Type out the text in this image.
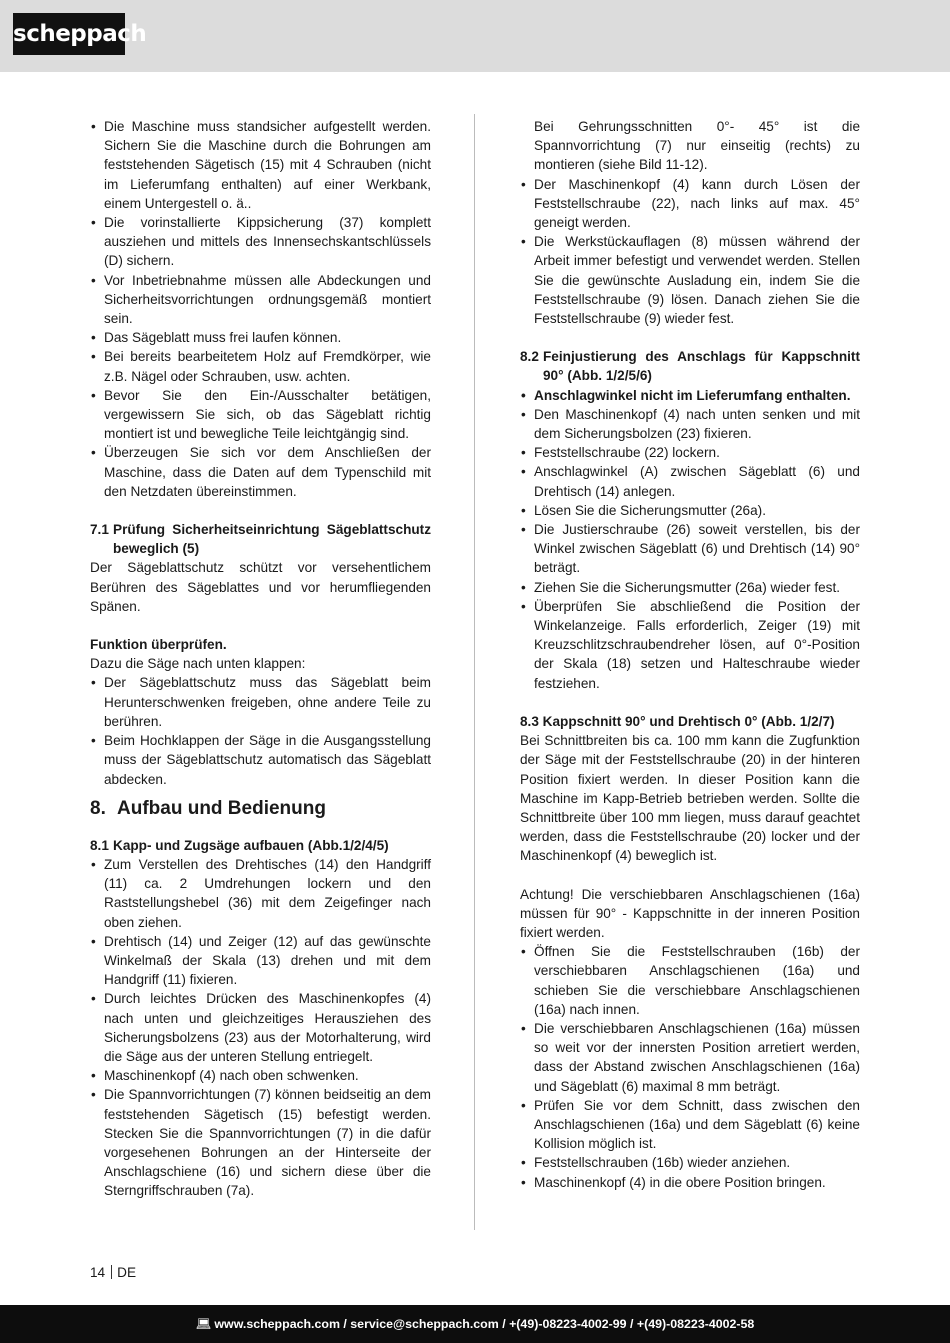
scheppach
• Die Maschine muss standsicher aufgestellt werden. Sichern Sie die Maschine durch die Bohrungen am feststehenden Sägetisch (15) mit 4 Schrauben (nicht im Lieferumfang enthalten) auf einer Werkbank, einem Untergestell o. ä..
• Die vorinstallierte Kippsicherung (37) komplett ausziehen und mittels des Innensechskantschlüssels (D) sichern.
• Vor Inbetriebnahme müssen alle Abdeckungen und Sicherheitsvorrichtungen ordnungsgemäß montiert sein.
• Das Sägeblatt muss frei laufen können.
• Bei bereits bearbeitetem Holz auf Fremdkörper, wie z.B. Nägel oder Schrauben, usw. achten.
• Bevor Sie den Ein-/Ausschalter betätigen, vergewissern Sie sich, ob das Sägeblatt richtig montiert ist und bewegliche Teile leichtgängig sind.
• Überzeugen Sie sich vor dem Anschließen der Maschine, dass die Daten auf dem Typenschild mit den Netzdaten übereinstimmen.
7.1 Prüfung Sicherheitseinrichtung Sägeblattschutz beweglich (5)

Der Sägeblattschutz schützt vor versehentlichem Berühren des Sägeblattes und vor herumfliegenden Spänen.

Funktion überprüfen.

Dazu die Säge nach unten klappen:

• Der Sägeblattschutz muss das Sägeblatt beim Herunterschwenken freigeben, ohne andere Teile zu berühren.
• Beim Hochklappen der Säge in die Ausgangsstellung muss der Sägeblattschutz automatisch das Sägeblatt abdecken.
8. Aufbau und Bedienung
8.1 Kapp- und Zugsäge aufbauen (Abb.1/2/4/5)
• Zum Verstellen des Drehtisches (14) den Handgriff (11) ca. 2 Umdrehungen lockern und den Raststellungshebel (36) mit dem Zeigefinger nach oben ziehen.
• Drehtisch (14) und Zeiger (12) auf das gewünschte Winkelmaß der Skala (13) drehen und mit dem Handgriff (11) fixieren.
• Durch leichtes Drücken des Maschinenkopfes (4) nach unten und gleichzeitiges Herausziehen des Sicherungsbolzens (23) aus der Motorhalterung, wird die Säge aus der unteren Stellung entriegelt.
• Maschinenkopf (4) nach oben schwenken.
• Die Spannvorrichtungen (7) können beidseitig an dem feststehenden Sägetisch (15) befestigt werden. Stecken Sie die Spannvorrichtungen (7) in die dafür vorgesehenen Bohrungen an der Hinterseite der Anschlagschiene (16) und sichern diese über die Sterngriffschrauben (7a).

Bei Gehrungsschnitten 0°- 45° ist die Spannvorrichtung (7) nur einseitig (rechts) zu montieren (siehe Bild 11-12).

• Der Maschinenkopf (4) kann durch Lösen der Feststellschraube (22), nach links auf max. 45° geneigt werden.
• Die Werkstückauflagen (8) müssen während der Arbeit immer befestigt und verwendet werden. Stellen Sie die gewünschte Ausladung ein, indem Sie die Feststellschraube (9) lösen. Danach ziehen Sie die Feststellschraube (9) wieder fest.
8.2 Feinjustierung des Anschlags für Kappschnitt 90° (Abb. 1/2/5/6)
• Anschlagwinkel nicht im Lieferumfang enthalten.
• Den Maschinenkopf (4) nach unten senken und mit dem Sicherungsbolzen (23) fixieren.
• Feststellschraube (22) lockern.
• Anschlagwinkel (A) zwischen Sägeblatt (6) und Drehtisch (14) anlegen.
• Lösen Sie die Sicherungsmutter (26a).
• Die Justierschraube (26) soweit verstellen, bis der Winkel zwischen Sägeblatt (6) und Drehtisch (14) 90° beträgt.
• Ziehen Sie die Sicherungsmutter (26a) wieder fest.
• Überprüfen Sie abschließend die Position der Winkelanzeige. Falls erforderlich, Zeiger (19) mit Kreuzschlitzschraubendreher lösen, auf 0°-Position der Skala (18) setzen und Halteschraube wieder festziehen.

8.3 Kappschnitt 90° und Drehtisch 0° (Abb. 1/2/7)

Bei Schnittbreiten bis ca. 100 mm kann die Zugfunktion der Säge mit der Feststellschraube (20) in der hinteren Position fixiert werden. In dieser Position kann die Maschine im Kapp-Betrieb betrieben werden. Sollte die Schnittbreite über 100 mm liegen, muss darauf geachtet werden, dass die Feststellschraube (20) locker und der Maschinenkopf (4) beweglich ist.

Achtung! Die verschiebbaren Anschlagschienen (16a) müssen für 90° - Kappschnitte in der inneren Position fixiert werden.

• Öffnen Sie die Feststellschrauben (16b) der verschiebbaren Anschlagschienen (16a) und schieben Sie die verschiebbare Anschlagschienen (16a) nach innen.
• Die verschiebbaren Anschlagschienen (16a) müssen so weit vor der innersten Position arretiert werden, dass der Abstand zwischen Anschlagschienen (16a) und Sägeblatt (6) maximal 8 mm beträgt.
• Prüfen Sie vor dem Schnitt, dass zwischen den Anschlagschienen (16a) und dem Sägeblatt (6) keine Kollision möglich ist.
• Feststellschrauben (16b) wieder anziehen.
• Maschinenkopf (4) in die obere Position bringen.
14 DE
💻︎ www.scheppach.com / service@scheppach.com / +(49)-08223-4002-99 / +(49)-08223-4002-58
